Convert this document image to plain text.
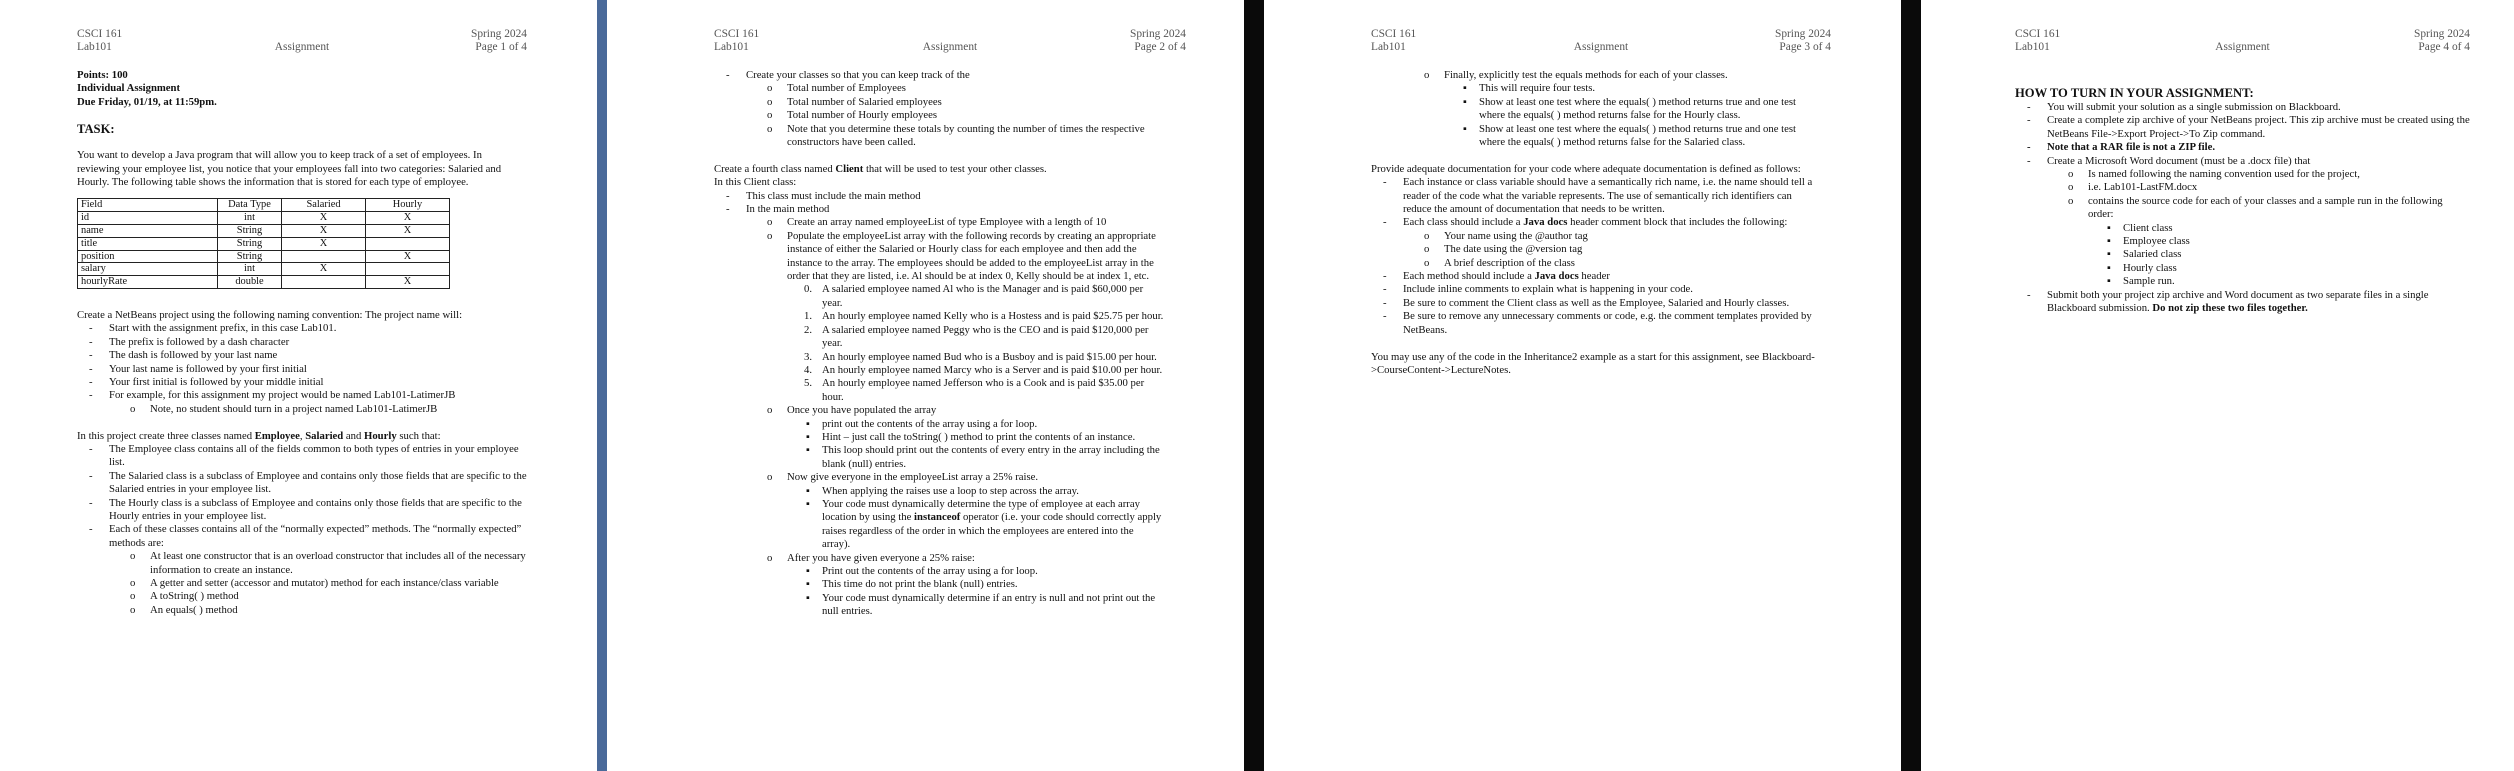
CSCI 161
Lab101	Assignment
Spring 2024
Page 1 of 4
Points: 100
Individual Assignment
Due Friday, 01/19, at 11:59pm.
TASK:
You want to develop a Java program that will allow you to keep track of a set of employees. In reviewing your employee list, you notice that your employees fall into two categories: Salaried and Hourly. The following table shows the information that is stored for each type of employee.
Field	Data Type	Salaried	Hourly
id	int	X	X
name	String	X	X
title	String	X	
position	String		X
salary	int	X	
hourlyRate	double		X
Create a NetBeans project using the following naming convention: The project name will:
- Start with the assignment prefix, in this case Lab101.
- The prefix is followed by a dash character
- The dash is followed by your last name
- Your last name is followed by your first initial
- Your first initial is followed by your middle initial
- For example, for this assignment my project would be named Lab101-LatimerJB
o Note, no student should turn in a project named Lab101-LatimerJB
In this project create three classes named Employee, Salaried and Hourly such that:
- The Employee class contains all of the fields common to both types of entries in your employee list.
- The Salaried class is a subclass of Employee and contains only those fields that are specific to the Salaried entries in your employee list.
- The Hourly class is a subclass of Employee and contains only those fields that are specific to the Hourly entries in your employee list.
- Each of these classes contains all of the “normally expected” methods. The “normally expected” methods are:
o At least one constructor that is an overload constructor that includes all of the necessary information to create an instance.
o A getter and setter (accessor and mutator) method for each instance/class variable
o A toString( ) method
o An equals( ) method
CSCI 161
Lab101	Assignment
Spring 2024
Page 2 of 4
- Create your classes so that you can keep track of the
o Total number of Employees
o Total number of Salaried employees
o Total number of Hourly employees
o Note that you determine these totals by counting the number of times the respective constructors have been called.
Create a fourth class named Client that will be used to test your other classes.
In this Client class:
- This class must include the main method
- In the main method
o Create an array named employeeList of type Employee with a length of 10
o Populate the employeeList array with the following records by creating an appropriate instance of either the Salaried or Hourly class for each employee and then add the instance to the array. The employees should be added to the employeeList array in the order that they are listed, i.e. Al should be at index 0, Kelly should be at index 1, etc.
0. A salaried employee named Al who is the Manager and is paid $60,000 per year.
1. An hourly employee named Kelly who is a Hostess and is paid $25.75 per hour.
2. A salaried employee named Peggy who is the CEO and is paid $120,000 per year.
3. An hourly employee named Bud who is a Busboy and is paid $15.00 per hour.
4. An hourly employee named Marcy who is a Server and is paid $10.00 per hour.
5. An hourly employee named Jefferson who is a Cook and is paid $35.00 per hour.
o Once you have populated the array
▪ print out the contents of the array using a for loop.
▪ Hint – just call the toString( ) method to print the contents of an instance.
▪ This loop should print out the contents of every entry in the array including the blank (null) entries.
o Now give everyone in the employeeList array a 25% raise.
▪ When applying the raises use a loop to step across the array.
▪ Your code must dynamically determine the type of employee at each array location by using the instanceof operator (i.e. your code should correctly apply raises regardless of the order in which the employees are entered into the array).
o After you have given everyone a 25% raise:
▪ Print out the contents of the array using a for loop.
▪ This time do not print the blank (null) entries.
▪ Your code must dynamically determine if an entry is null and not print out the null entries.
CSCI 161
Lab101	Assignment
Spring 2024
Page 3 of 4
o Finally, explicitly test the equals methods for each of your classes.
▪ This will require four tests.
▪ Show at least one test where the equals( ) method returns true and one test where the equals( ) method returns false for the Hourly class.
▪ Show at least one test where the equals( ) method returns true and one test where the equals( ) method returns false for the Salaried class.
Provide adequate documentation for your code where adequate documentation is defined as follows:
- Each instance or class variable should have a semantically rich name, i.e. the name should tell a reader of the code what the variable represents. The use of semantically rich identifiers can reduce the amount of documentation that needs to be written.
- Each class should include a Java docs header comment block that includes the following:
o Your name using the @author tag
o The date using the @version tag
o A brief description of the class
- Each method should include a Java docs header
- Include inline comments to explain what is happening in your code.
- Be sure to comment the Client class as well as the Employee, Salaried and Hourly classes.
- Be sure to remove any unnecessary comments or code, e.g. the comment templates provided by NetBeans.
You may use any of the code in the Inheritance2 example as a start for this assignment, see Blackboard->CourseContent->LectureNotes.
CSCI 161
Lab101	Assignment
Spring 2024
Page 4 of 4
HOW TO TURN IN YOUR ASSIGNMENT:
- You will submit your solution as a single submission on Blackboard.
- Create a complete zip archive of your NetBeans project. This zip archive must be created using the NetBeans File->Export Project->To Zip command.
- Note that a RAR file is not a ZIP file.
- Create a Microsoft Word document (must be a .docx file) that
o Is named following the naming convention used for the project,
o i.e. Lab101-LastFM.docx
o contains the source code for each of your classes and a sample run in the following order:
▪ Client class
▪ Employee class
▪ Salaried class
▪ Hourly class
▪ Sample run.
- Submit both your project zip archive and Word document as two separate files in a single Blackboard submission. Do not zip these two files together.
